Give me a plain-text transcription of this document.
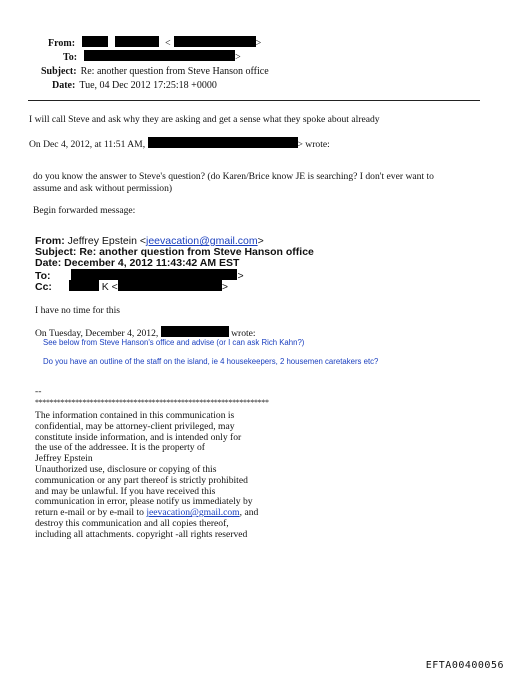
From:	<	>
To:	>
Subject: Re: another question from Steve Hanson office
Date: Tue, 04 Dec 2012 17:25:18 +0000
I will call Steve and ask why they are asking and get a sense what they spoke about already
On Dec 4, 2012, at 11:51 AM,	> wrote:
do you know the answer to Steve's question? (do Karen/Brice know JE is searching? I don't ever want to
assume and ask without permission)
Begin forwarded message:
From: Jeffrey Epstein <jeevacation@gmail.com>
Subject: Re: another question from Steve Hanson office
Date: December 4, 2012 11:43:42 AM EST
To:	>
Cc:	K <	>
I have no time for this
On Tuesday, December 4, 2012,	wrote:
See below from Steve Hanson's office and advise (or I can ask Rich Kahn?)
Do you have an outline of the staff on the island, ie 4 housekeepers, 2 housemen caretakers etc?
--
****************************************************************
The information contained in this communication is
confidential, may be attorney-client privileged, may
constitute inside information, and is intended only for
the use of the addressee. It is the property of
Jeffrey Epstein
Unauthorized use, disclosure or copying of this
communication or any part thereof is strictly prohibited
and may be unlawful. If you have received this
communication in error, please notify us immediately by
return e-mail or by e-mail to jeevacation@gmail.com, and
destroy this communication and all copies thereof,
including all attachments. copyright -all rights reserved
EFTA00400056
